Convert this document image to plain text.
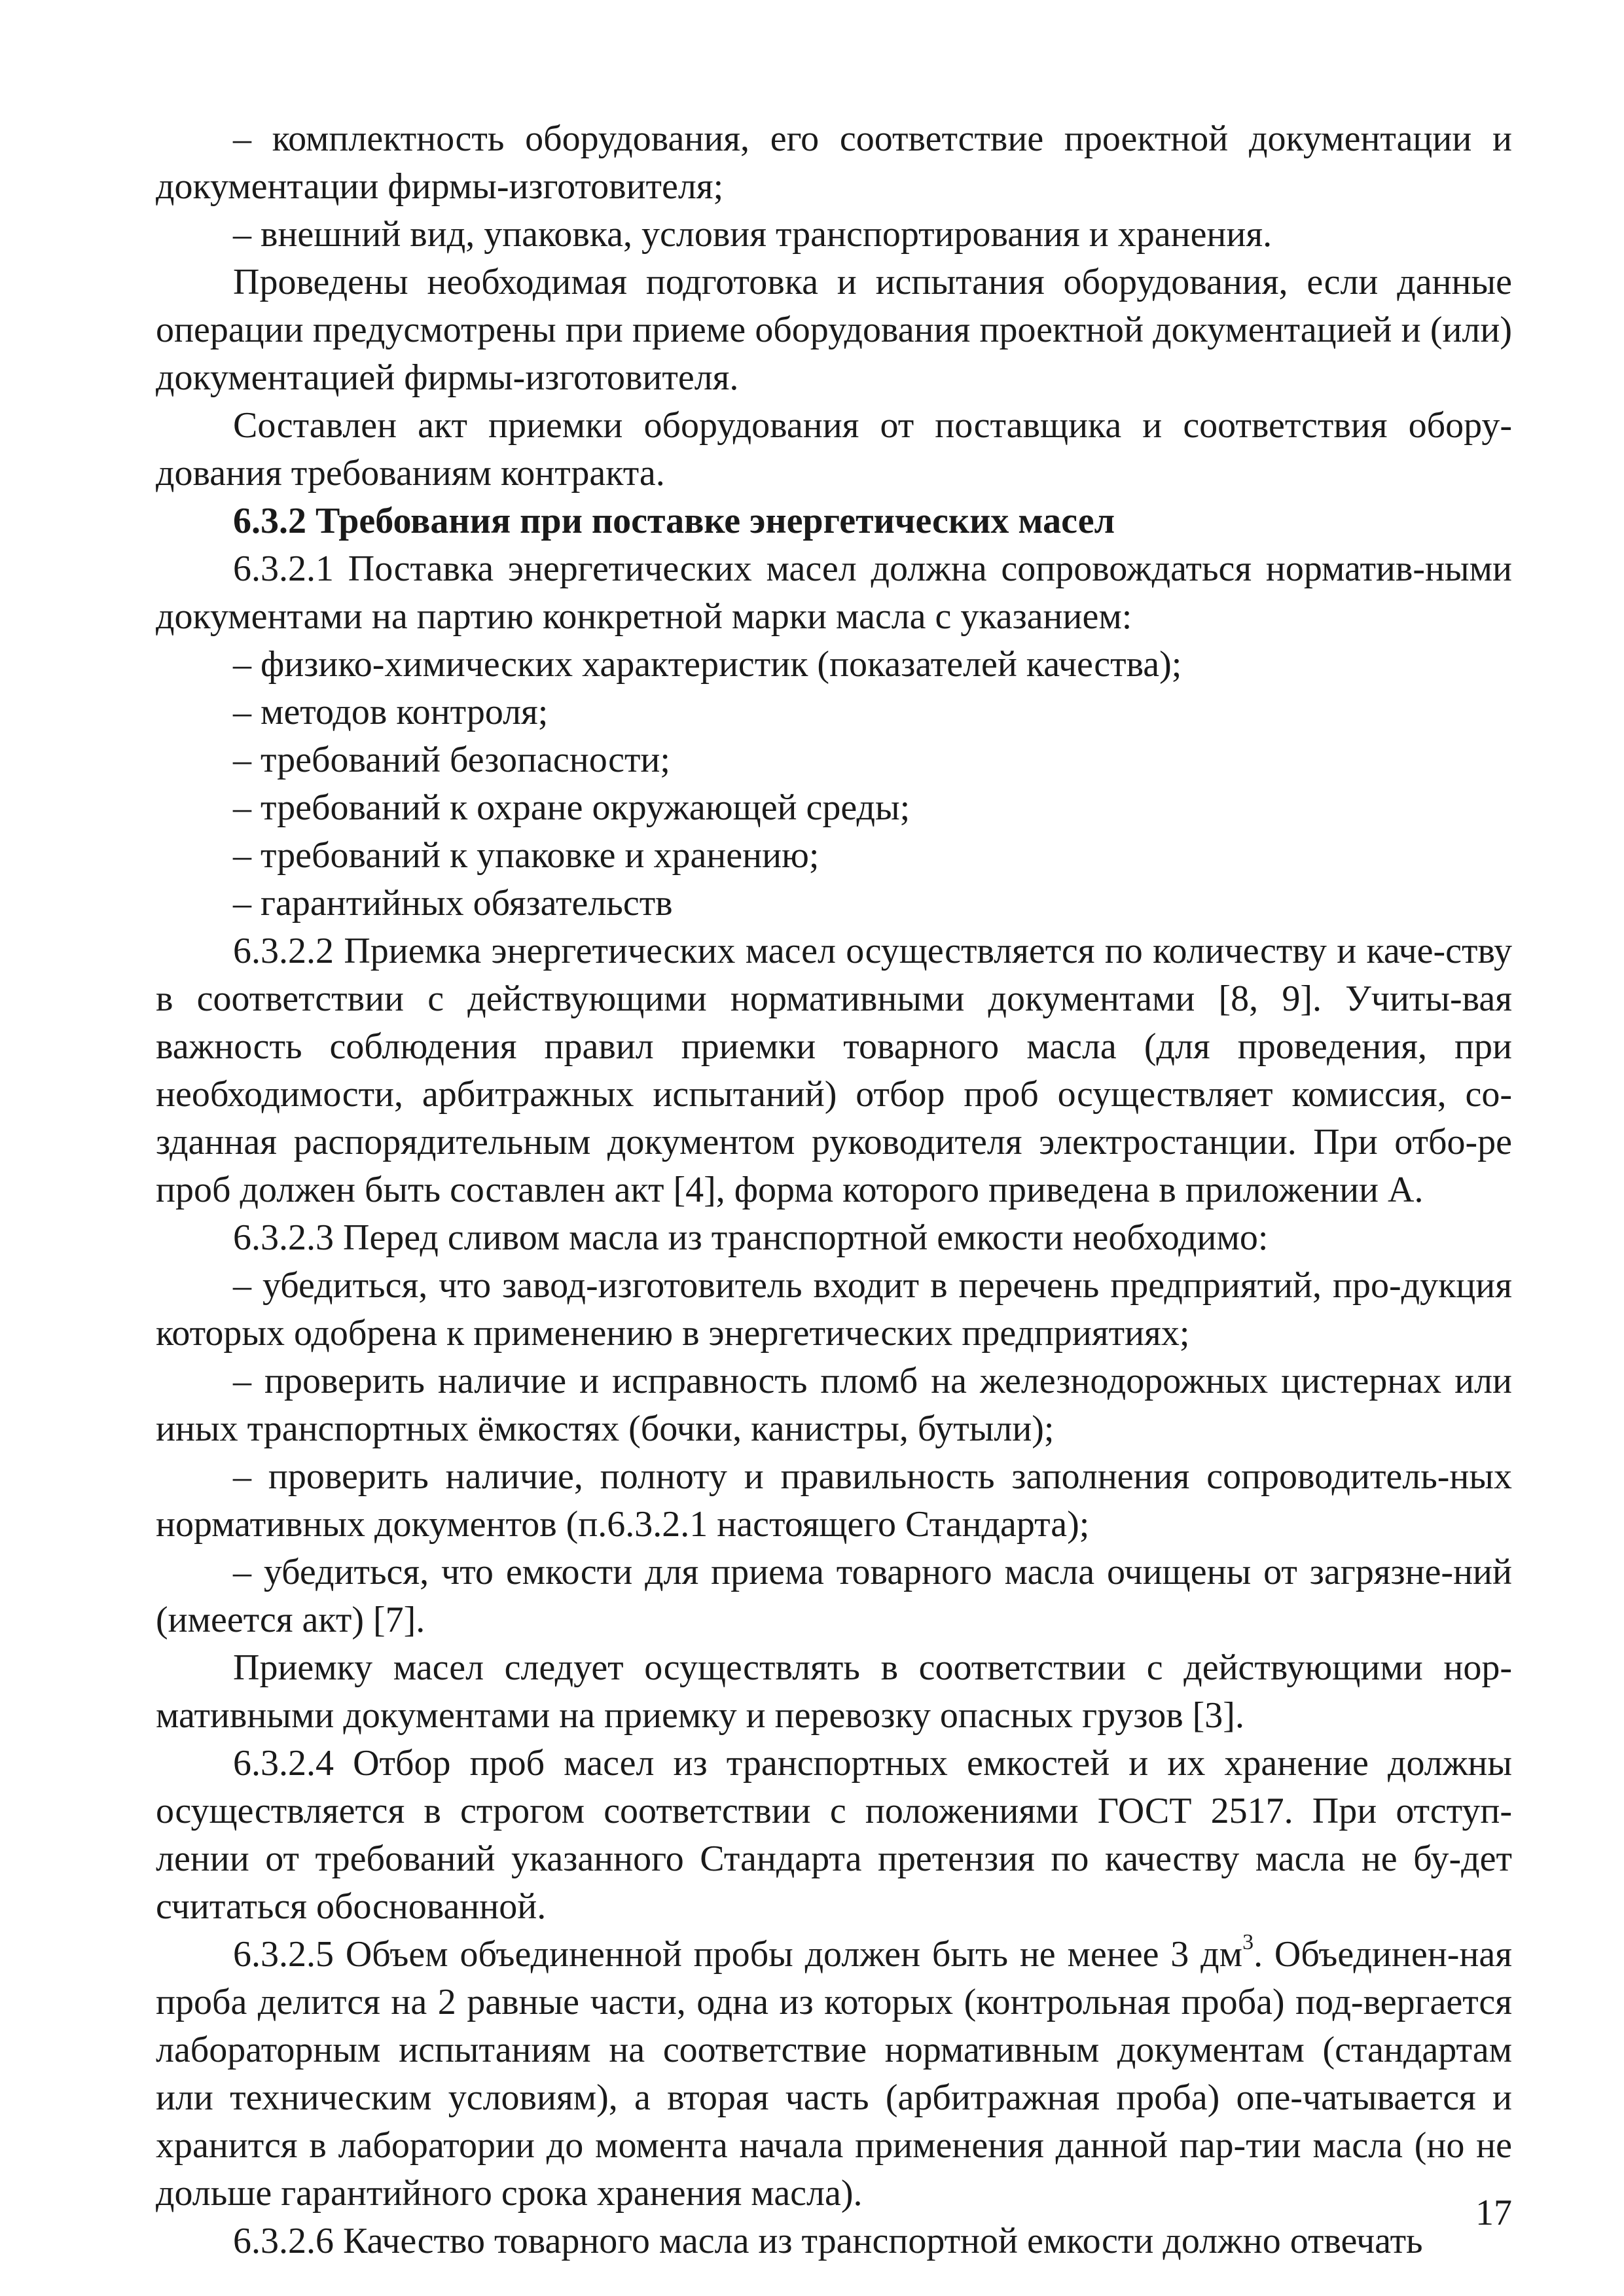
– комплектность оборудования, его соответствие проектной документации и документации фирмы-изготовителя;

– внешний вид, упаковка, условия транспортирования и хранения.

Проведены необходимая подготовка и испытания оборудования, если данные операции предусмотрены при приеме оборудования проектной документацией и (или) документацией фирмы-изготовителя.

Составлен акт приемки оборудования от поставщика и соответствия обору-дования требованиям контракта.

6.3.2 Требования при поставке энергетических масел

6.3.2.1 Поставка энергетических масел должна сопровождаться норматив-ными документами на партию конкретной марки масла с указанием:

– физико-химических характеристик (показателей качества);

– методов контроля;

– требований безопасности;

– требований к охране окружающей среды;

– требований к упаковке и хранению;

– гарантийных обязательств

6.3.2.2 Приемка энергетических масел осуществляется по количеству и каче-ству в соответствии с действующими нормативными документами [8, 9]. Учиты-вая важность соблюдения правил приемки товарного масла (для проведения, при необходимости, арбитражных испытаний) отбор проб осуществляет комиссия, со-зданная распорядительным документом руководителя электростанции. При отбо-ре проб должен быть составлен акт [4], форма которого приведена в приложении А.

6.3.2.3 Перед сливом масла из транспортной емкости необходимо:

– убедиться, что завод-изготовитель входит в перечень предприятий, про-дукция которых одобрена к применению в энергетических предприятиях;

– проверить наличие и исправность пломб на железнодорожных цистернах или иных транспортных ёмкостях (бочки, канистры, бутыли);

– проверить наличие, полноту и правильность заполнения сопроводитель-ных нормативных документов (п.6.3.2.1 настоящего Стандарта);

– убедиться, что емкости для приема товарного масла очищены от загрязне-ний (имеется акт) [7].

Приемку масел следует осуществлять в соответствии с действующими нор-мативными документами на приемку и перевозку опасных грузов [3].

6.3.2.4 Отбор проб масел из транспортных емкостей и их хранение должны осуществляется в строгом соответствии с положениями ГОСТ 2517. При отступ-лении от требований указанного Стандарта претензия по качеству масла не бу-дет считаться обоснованной.

6.3.2.5 Объем объединенной пробы должен быть не менее 3 $дм^3$. Объединен-ная проба делится на 2 равные части, одна из которых (контрольная проба) под-вергается лабораторным испытаниям на соответствие нормативным документам (стандартам или техническим условиям), а вторая часть (арбитражная проба) опе-чатывается и хранится в лаборатории до момента начала применения данной пар-тии масла (но не дольше гарантийного срока хранения масла).

6.3.2.6 Качество товарного масла из транспортной емкости должно отвечать

17
